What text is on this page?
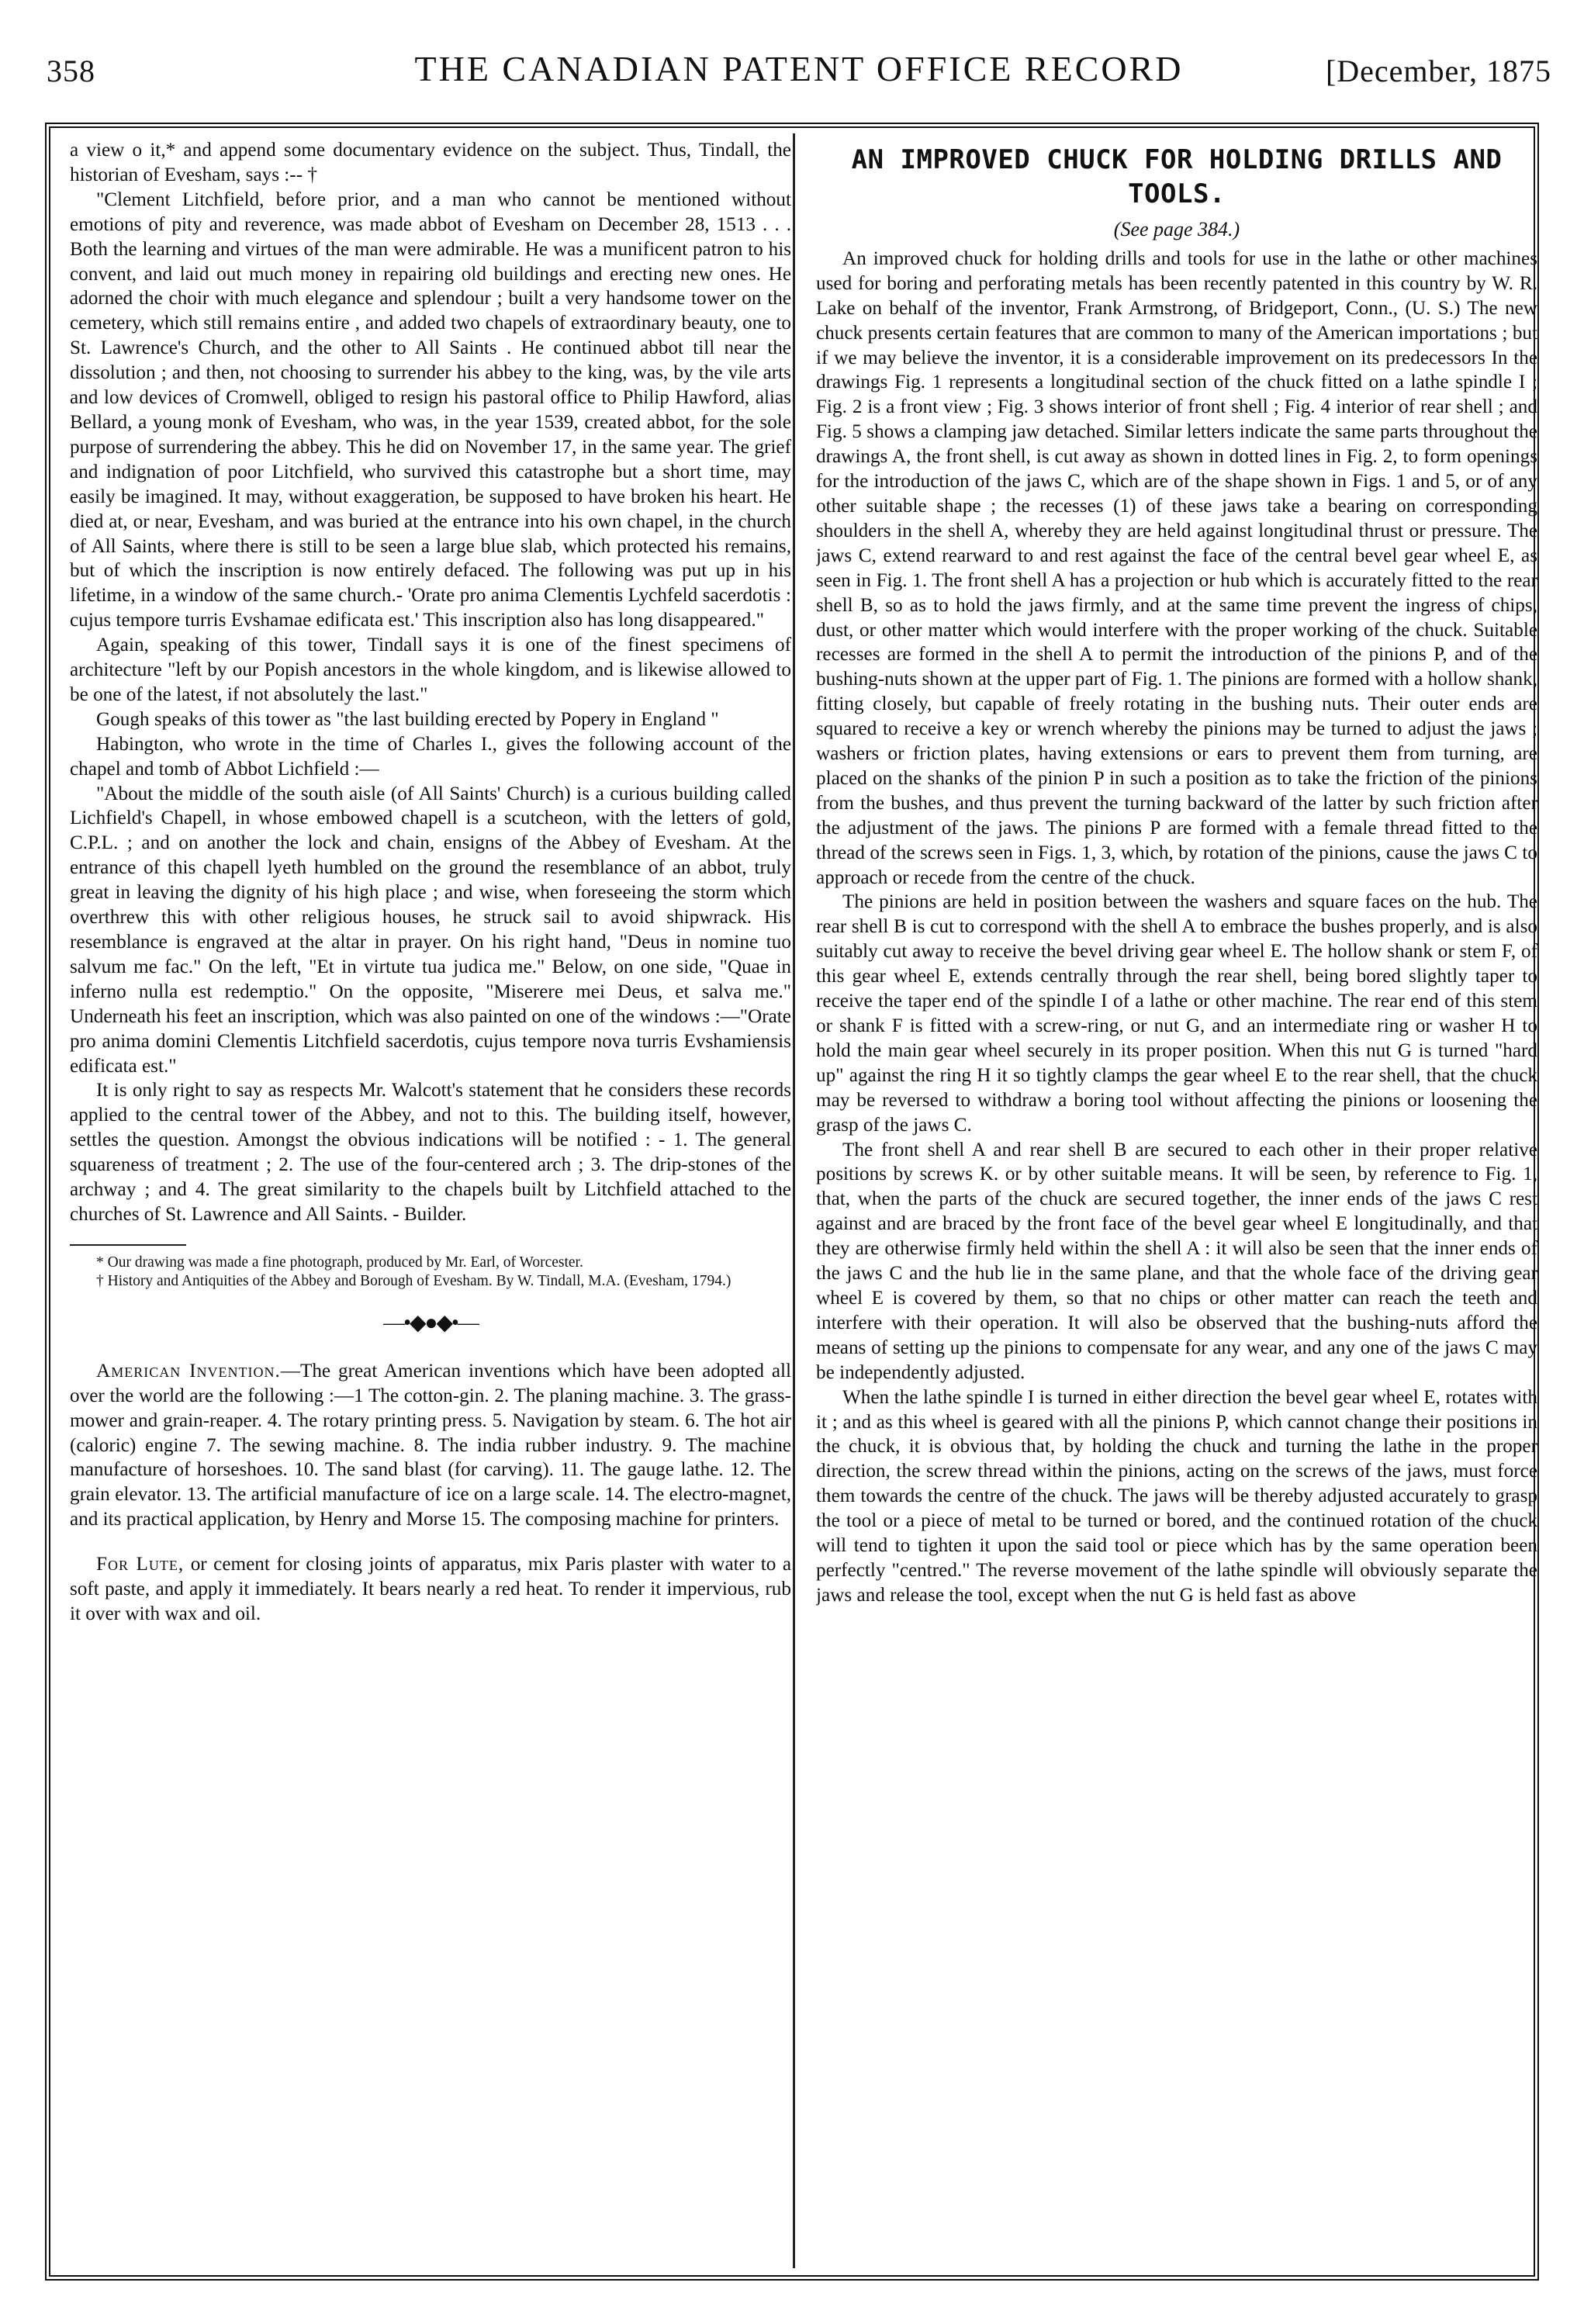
358	THE CANADIAN PATENT OFFICE RECORD	[December, 1875

a view o it,* and append some documentary evidence on the subject. Thus, Tindall, the historian of Evesham, says :-- †

"Clement Litchfield, before prior, and a man who cannot be mentioned without emotions of pity and reverence, was made abbot of Evesham on December 28, 1513 . . . Both the learning and virtues of the man were admirable. He was a munificent patron to his convent, and laid out much money in repairing old buildings and erecting new ones. He adorned the choir with much elegance and splendour ; built a very handsome tower on the cemetery, which still remains entire , and added two chapels of extraordinary beauty, one to St. Lawrence's Church, and the other to All Saints . He continued abbot till near the dissolution ; and then, not choosing to surrender his abbey to the king, was, by the vile arts and low devices of Cromwell, obliged to resign his pastoral office to Philip Hawford, alias Bellard, a young monk of Evesham, who was, in the year 1539, created abbot, for the sole purpose of surrendering the abbey. This he did on November 17, in the same year. The grief and indignation of poor Litchfield, who survived this catastrophe but a short time, may easily be imagined. It may, without exaggeration, be supposed to have broken his heart. He died at, or near, Evesham, and was buried at the entrance into his own chapel, in the church of All Saints, where there is still to be seen a large blue slab, which protected his remains, but of which the inscription is now entirely defaced. The following was put up in his lifetime, in a window of the same church.- 'Orate pro anima Clementis Lychfeld sacerdotis : cujus tempore turris Evshamae edificata est.' This inscription also has long disappeared."

Again, speaking of this tower, Tindall says it is one of the finest specimens of architecture "left by our Popish ancestors in the whole kingdom, and is likewise allowed to be one of the latest, if not absolutely the last."

Gough speaks of this tower as "the last building erected by Popery in England "

Habington, who wrote in the time of Charles I., gives the following account of the chapel and tomb of Abbot Lichfield :—

"About the middle of the south aisle (of All Saints' Church) is a curious building called Lichfield's Chapell, in whose embowed chapell is a scutcheon, with the letters of gold, C.P.L. ; and on another the lock and chain, ensigns of the Abbey of Evesham. At the entrance of this chapell lyeth humbled on the ground the resemblance of an abbot, truly great in leaving the dignity of his high place ; and wise, when foreseeing the storm which overthrew this with other religious houses, he struck sail to avoid shipwrack. His resemblance is engraved at the altar in prayer. On his right hand, "Deus in nomine tuo salvum me fac." On the left, "Et in virtute tua judica me." Below, on one side, "Quae in inferno nulla est redemptio." On the opposite, "Miserere mei Deus, et salva me." Underneath his feet an inscription, which was also painted on one of the windows :—"Orate pro anima domini Clementis Litchfield sacerdotis, cujus tempore nova turris Evshamiensis edificata est."

It is only right to say as respects Mr. Walcott's statement that he considers these records applied to the central tower of the Abbey, and not to this. The building itself, however, settles the question. Amongst the obvious indications will be notified : - 1. The general squareness of treatment ; 2. The use of the four-centered arch ; 3. The drip-stones of the archway ; and 4. The great similarity to the chapels built by Litchfield attached to the churches of St. Lawrence and All Saints. - Builder.

* Our drawing was made a fine photograph, produced by Mr. Earl, of Worcester.

† History and Antiquities of the Abbey and Borough of Evesham. By W. Tindall, M.A. (Evesham, 1794.)

—•◆●◆•—

American Invention.—The great American inventions which have been adopted all over the world are the following :—1 The cotton-gin. 2. The planing machine. 3. The grass-mower and grain-reaper. 4. The rotary printing press. 5. Navigation by steam. 6. The hot air (caloric) engine 7. The sewing machine. 8. The india rubber industry. 9. The machine manufacture of horseshoes. 10. The sand blast (for carving). 11. The gauge lathe. 12. The grain elevator. 13. The artificial manufacture of ice on a large scale. 14. The electro-magnet, and its practical application, by Henry and Morse 15. The composing machine for printers.

For Lute, or cement for closing joints of apparatus, mix Paris plaster with water to a soft paste, and apply it immediately. It bears nearly a red heat. To render it impervious, rub it over with wax and oil.

AN IMPROVED CHUCK FOR HOLDING DRILLS AND TOOLS.
(See page 384.)

An improved chuck for holding drills and tools for use in the lathe or other machines used for boring and perforating metals has been recently patented in this country by W. R. Lake on behalf of the inventor, Frank Armstrong, of Bridgeport, Conn., (U. S.) The new chuck presents certain features that are common to many of the American importations ; but if we may believe the inventor, it is a considerable improvement on its predecessors In the drawings Fig. 1 represents a longitudinal section of the chuck fitted on a lathe spindle I ; Fig. 2 is a front view ; Fig. 3 shows interior of front shell ; Fig. 4 interior of rear shell ; and Fig. 5 shows a clamping jaw detached. Similar letters indicate the same parts throughout the drawings A, the front shell, is cut away as shown in dotted lines in Fig. 2, to form openings for the introduction of the jaws C, which are of the shape shown in Figs. 1 and 5, or of any other suitable shape ; the recesses (1) of these jaws take a bearing on corresponding shoulders in the shell A, whereby they are held against longitudinal thrust or pressure. The jaws C, extend rearward to and rest against the face of the central bevel gear wheel E, as seen in Fig. 1. The front shell A has a projection or hub which is accurately fitted to the rear shell B, so as to hold the jaws firmly, and at the same time prevent the ingress of chips, dust, or other matter which would interfere with the proper working of the chuck. Suitable recesses are formed in the shell A to permit the introduction of the pinions P, and of the bushing-nuts shown at the upper part of Fig. 1. The pinions are formed with a hollow shank, fitting closely, but capable of freely rotating in the bushing nuts. Their outer ends are squared to receive a key or wrench whereby the pinions may be turned to adjust the jaws ; washers or friction plates, having extensions or ears to prevent them from turning, are placed on the shanks of the pinion P in such a position as to take the friction of the pinions from the bushes, and thus prevent the turning backward of the latter by such friction after the adjustment of the jaws. The pinions P are formed with a female thread fitted to the thread of the screws seen in Figs. 1, 3, which, by rotation of the pinions, cause the jaws C to approach or recede from the centre of the chuck.

The pinions are held in position between the washers and square faces on the hub. The rear shell B is cut to correspond with the shell A to embrace the bushes properly, and is also suitably cut away to receive the bevel driving gear wheel E. The hollow shank or stem F, of this gear wheel E, extends centrally through the rear shell, being bored slightly taper to receive the taper end of the spindle I of a lathe or other machine. The rear end of this stem or shank F is fitted with a screw-ring, or nut G, and an intermediate ring or washer H to hold the main gear wheel securely in its proper position. When this nut G is turned "hard up" against the ring H it so tightly clamps the gear wheel E to the rear shell, that the chuck may be reversed to withdraw a boring tool without affecting the pinions or loosening the grasp of the jaws C.

The front shell A and rear shell B are secured to each other in their proper relative positions by screws K. or by other suitable means. It will be seen, by reference to Fig. 1, that, when the parts of the chuck are secured together, the inner ends of the jaws C rest against and are braced by the front face of the bevel gear wheel E longitudinally, and that they are otherwise firmly held within the shell A : it will also be seen that the inner ends of the jaws C and the hub lie in the same plane, and that the whole face of the driving gear wheel E is covered by them, so that no chips or other matter can reach the teeth and interfere with their operation. It will also be observed that the bushing-nuts afford the means of setting up the pinions to compensate for any wear, and any one of the jaws C may be independently adjusted.

When the lathe spindle I is turned in either direction the bevel gear wheel E, rotates with it ; and as this wheel is geared with all the pinions P, which cannot change their positions in the chuck, it is obvious that, by holding the chuck and turning the lathe in the proper direction, the screw thread within the pinions, acting on the screws of the jaws, must force them towards the centre of the chuck. The jaws will be thereby adjusted accurately to grasp the tool or a piece of metal to be turned or bored, and the continued rotation of the chuck will tend to tighten it upon the said tool or piece which has by the same operation been perfectly "centred." The reverse movement of the lathe spindle will obviously separate the jaws and release the tool, except when the nut G is held fast as above
